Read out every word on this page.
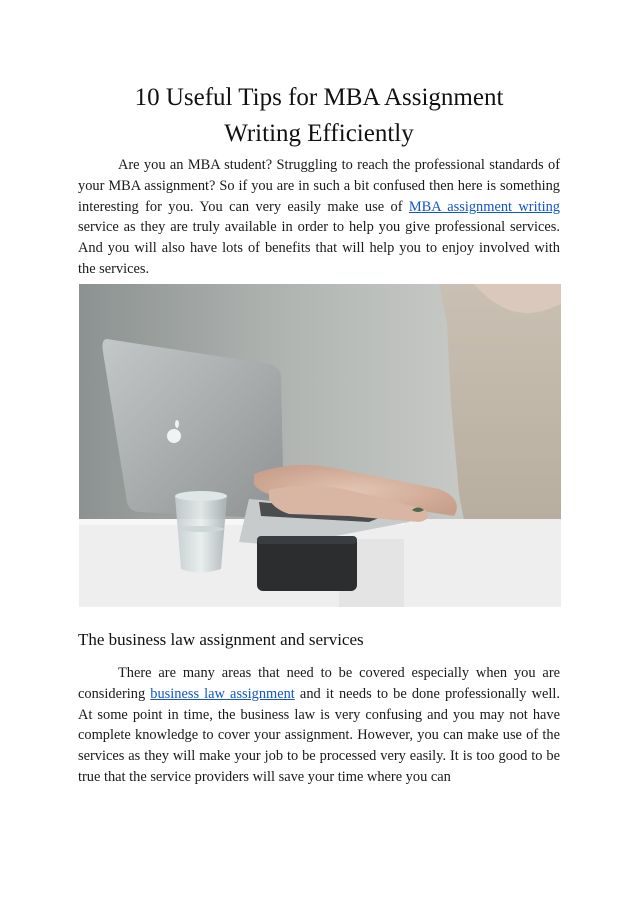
10 Useful Tips for MBA Assignment
Writing Efficiently

Are you an MBA student? Struggling to reach the professional standards of your MBA assignment? So if you are in such a bit confused then here is something interesting for you. You can very easily make use of MBA assignment writing service as they are truly available in order to help you give professional services. And you will also have lots of benefits that will help you to enjoy involved with the services.

The business law assignment and services

There are many areas that need to be covered especially when you are considering business law assignment and it needs to be done professionally well. At some point in time, the business law is very confusing and you may not have complete knowledge to cover your assignment. However, you can make use of the services as they will make your job to be processed very easily. It is too good to be true that the service providers will save your time where you can
